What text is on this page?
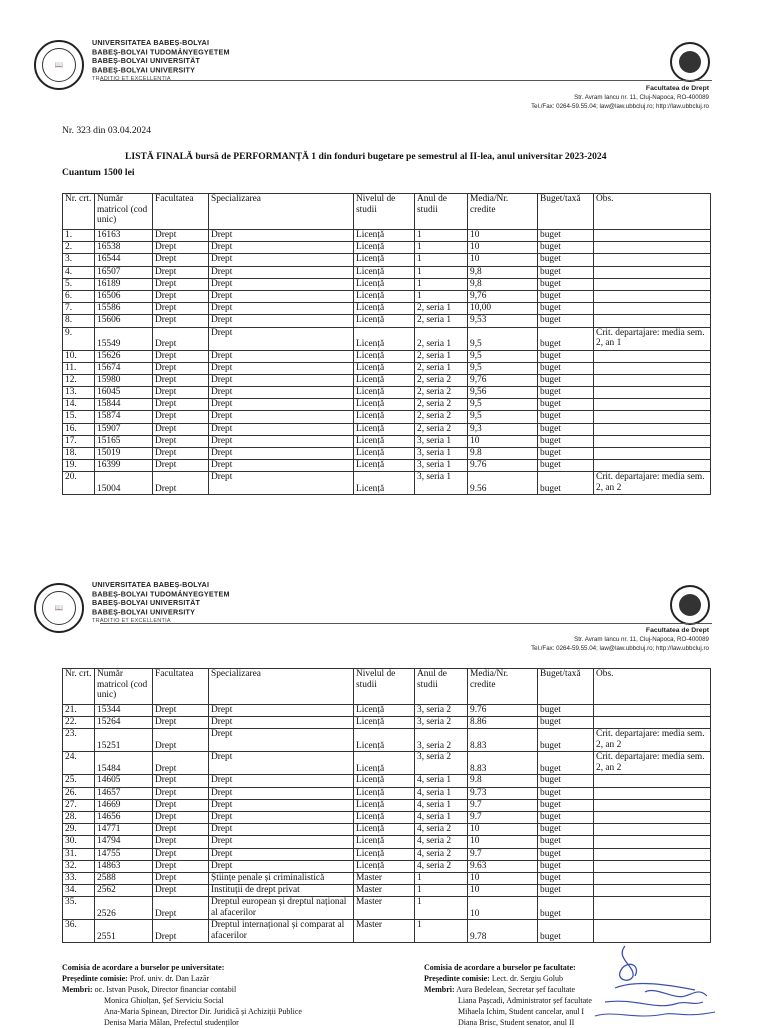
📖
UNIVERSITATEA BABEȘ-BOLYAI
BABEȘ-BOLYAI TUDOMÁNYEGYETEM
BABEȘ-BOLYAI UNIVERSITÄT
BABEȘ-BOLYAI UNIVERSITY
TRADITIO ET EXCELLENTIA
Facultatea de Drept
Str. Avram Iancu nr. 11, Cluj-Napoca, RO-400089
Tel./Fax: 0264-59.55.04; law@law.ubbcluj.ro; http://law.ubbcluj.ro
Nr. 323 din 03.04.2024
LISTĂ FINALĂ bursă de PERFORMANȚĂ 1 din fonduri bugetare pe semestrul al II-lea, anul universitar 2023-2024
Cuantum 1500 lei
Nr. crt.	Număr matricol (cod unic)	Facultatea	Specializarea	Nivelul de studii	Anul de studii	Media/Nr. credite	Buget/taxă	Obs.
1.	16163	Drept	Drept	Licență	1	10	buget	
2.	16538	Drept	Drept	Licență	1	10	buget	
3.	16544	Drept	Drept	Licență	1	10	buget	
4.	16507	Drept	Drept	Licență	1	9,8	buget	
5.	16189	Drept	Drept	Licență	1	9,8	buget	
6.	16506	Drept	Drept	Licență	1	9,76	buget	
7.	15586	Drept	Drept	Licență	2, seria 1	10,00	buget	
8.	15606	Drept	Drept	Licență	2, seria 1	9,53	buget	
9.	15549	Drept	Drept	Licență	2, seria 1	9,5	buget	Crit. departajare: media sem. 2, an 1
10.	15626	Drept	Drept	Licență	2, seria 1	9,5	buget	
11.	15674	Drept	Drept	Licență	2, seria 1	9,5	buget	
12.	15980	Drept	Drept	Licență	2, seria 2	9,76	buget	
13.	16045	Drept	Drept	Licență	2, seria 2	9,56	buget	
14.	15844	Drept	Drept	Licență	2, seria 2	9,5	buget	
15.	15874	Drept	Drept	Licență	2, seria 2	9,5	buget	
16.	15907	Drept	Drept	Licență	2, seria 2	9,3	buget	
17.	15165	Drept	Drept	Licență	3, seria 1	10	buget	
18.	15019	Drept	Drept	Licență	3, seria 1	9.8	buget	
19.	16399	Drept	Drept	Licență	3, seria 1	9.76	buget	
20.	15004	Drept	Drept	Licență	3, seria 1	9.56	buget	Crit. departajare: media sem. 2, an 2
📖
UNIVERSITATEA BABEȘ-BOLYAI
BABEȘ-BOLYAI TUDOMÁNYEGYETEM
BABEȘ-BOLYAI UNIVERSITÄT
BABEȘ-BOLYAI UNIVERSITY
TRADITIO ET EXCELLENTIA
Facultatea de Drept
Str. Avram Iancu nr. 11, Cluj-Napoca, RO-400089
Tel./Fax: 0264-59.55.04; law@law.ubbcluj.ro; http://law.ubbcluj.ro
Nr. crt.	Număr matricol (cod unic)	Facultatea	Specializarea	Nivelul de studii	Anul de studii	Media/Nr. credite	Buget/taxă	Obs.
21.	15344	Drept	Drept	Licență	3, seria 2	9.76	buget	
22.	15264	Drept	Drept	Licență	3, seria 2	8.86	buget	
23.	15251	Drept	Drept	Licență	3, seria 2	8.83	buget	Crit. departajare: media sem. 2, an 2
24.	15484	Drept	Drept	Licență	3, seria 2	8.83	buget	Crit. departajare: media sem. 2, an 2
25.	14605	Drept	Drept	Licență	4, seria 1	9.8	buget	
26.	14657	Drept	Drept	Licență	4, seria 1	9.73	buget	
27.	14669	Drept	Drept	Licență	4, seria 1	9.7	buget	
28.	14656	Drept	Drept	Licență	4, seria 1	9.7	buget	
29.	14771	Drept	Drept	Licență	4, seria 2	10	buget	
30.	14794	Drept	Drept	Licență	4, seria 2	10	buget	
31.	14755	Drept	Drept	Licență	4, seria 2	9.7	buget	
32.	14863	Drept	Drept	Licență	4, seria 2	9.63	buget	
33.	2588	Drept	Științe penale și criminalistică	Master	1	10	buget	
34.	2562	Drept	Instituții de drept privat	Master	1	10	buget	
35.	2526	Drept	Dreptul european și dreptul național al afacerilor	Master	1	10	buget	
36.	2551	Drept	Dreptul internațional și comparat al afacerilor	Master	1	9.78	buget	
Comisia de acordare a burselor pe universitate:
Președinte comisie: Prof. univ. dr. Dan Lazăr
Membri: oc. Istvan Pusok, Director financiar contabil
Monica Ghiolțan, Șef Serviciu Social
Ana-Maria Spinean, Director Dir. Juridică și Achiziții Publice
Denisa Maria Mălan, Prefectul studenților
Comisia de acordare a burselor pe facultate:
Președinte comisie: Lect. dr. Sergiu Golub
Membri: Aura Bedelean, Secretar șef facultate
Liana Pașcadi, Administrator șef facultate
Mihaela Ichim, Student cancelar, anul I
Diana Brisc, Student senator, anul II
